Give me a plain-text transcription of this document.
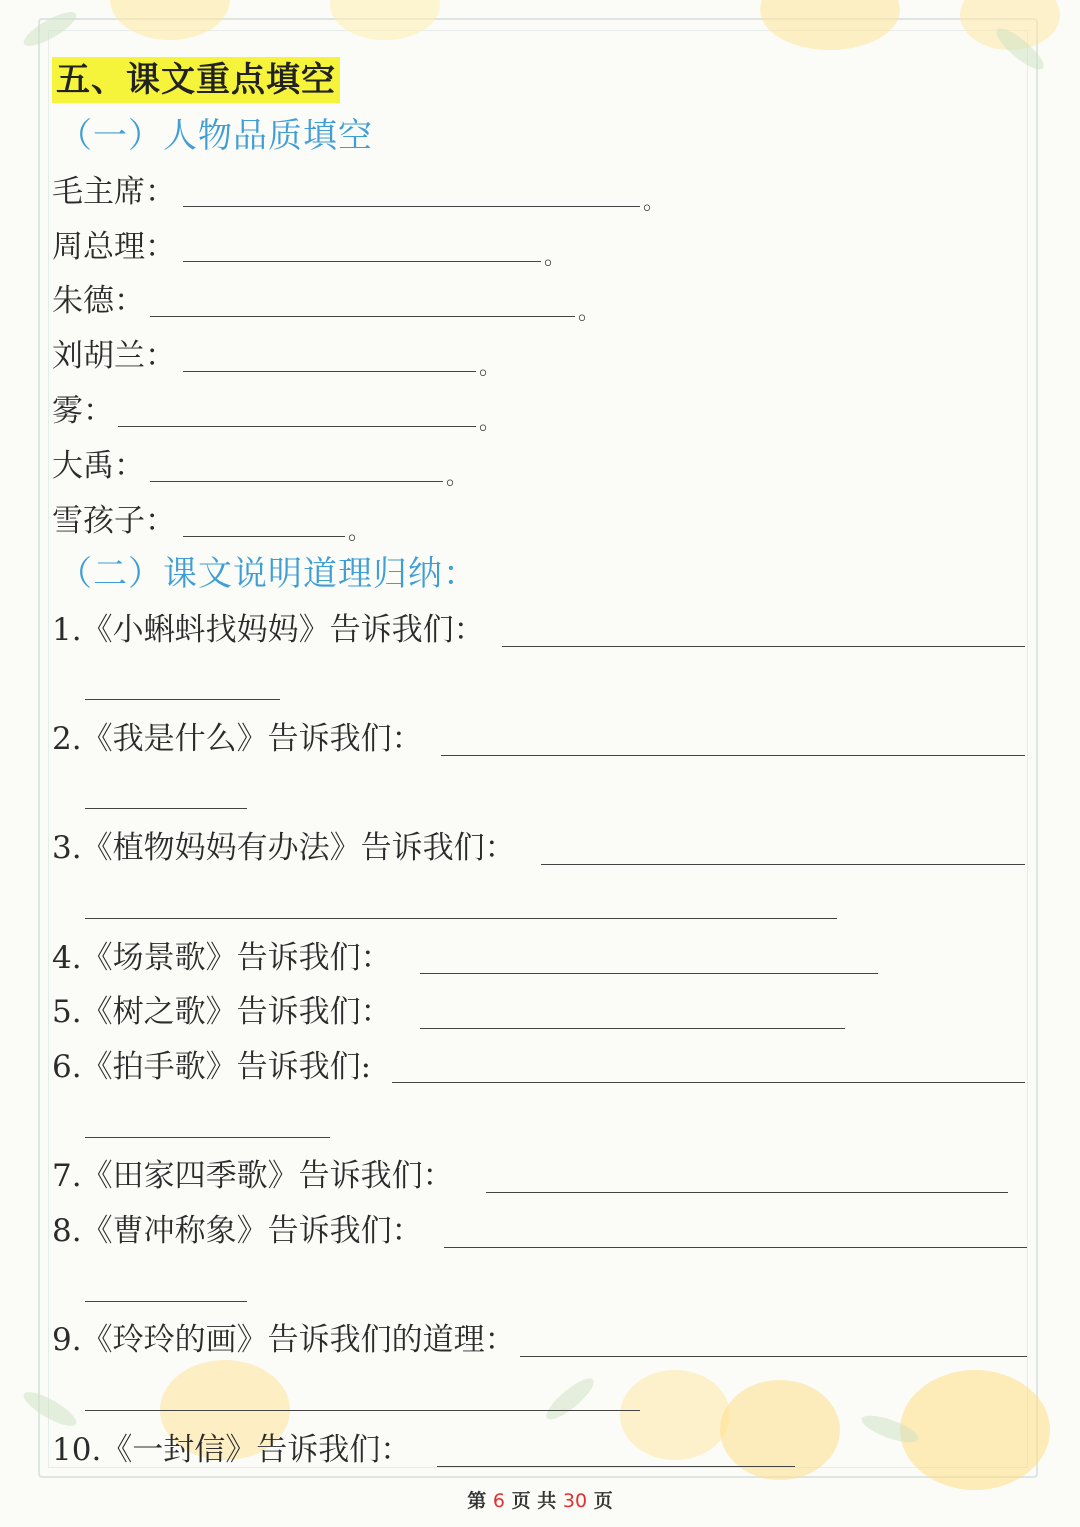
五、课文重点填空
（一）人物品质填空
毛主席：	。
周总理：	。
朱德：	。
刘胡兰：	。
雾：	。
大禹：	。
雪孩子：	。
（二）课文说明道理归纳：
1.《小蝌蚪找妈妈》告诉我们：
2.《我是什么》告诉我们：
3.《植物妈妈有办法》告诉我们：
4.《场景歌》告诉我们：
5.《树之歌》告诉我们：
6.《拍手歌》告诉我们:
7.《田家四季歌》告诉我们：
8.《曹冲称象》告诉我们：
9.《玲玲的画》告诉我们的道理：
10.《一封信》告诉我们：
第 6 页 共 30 页
